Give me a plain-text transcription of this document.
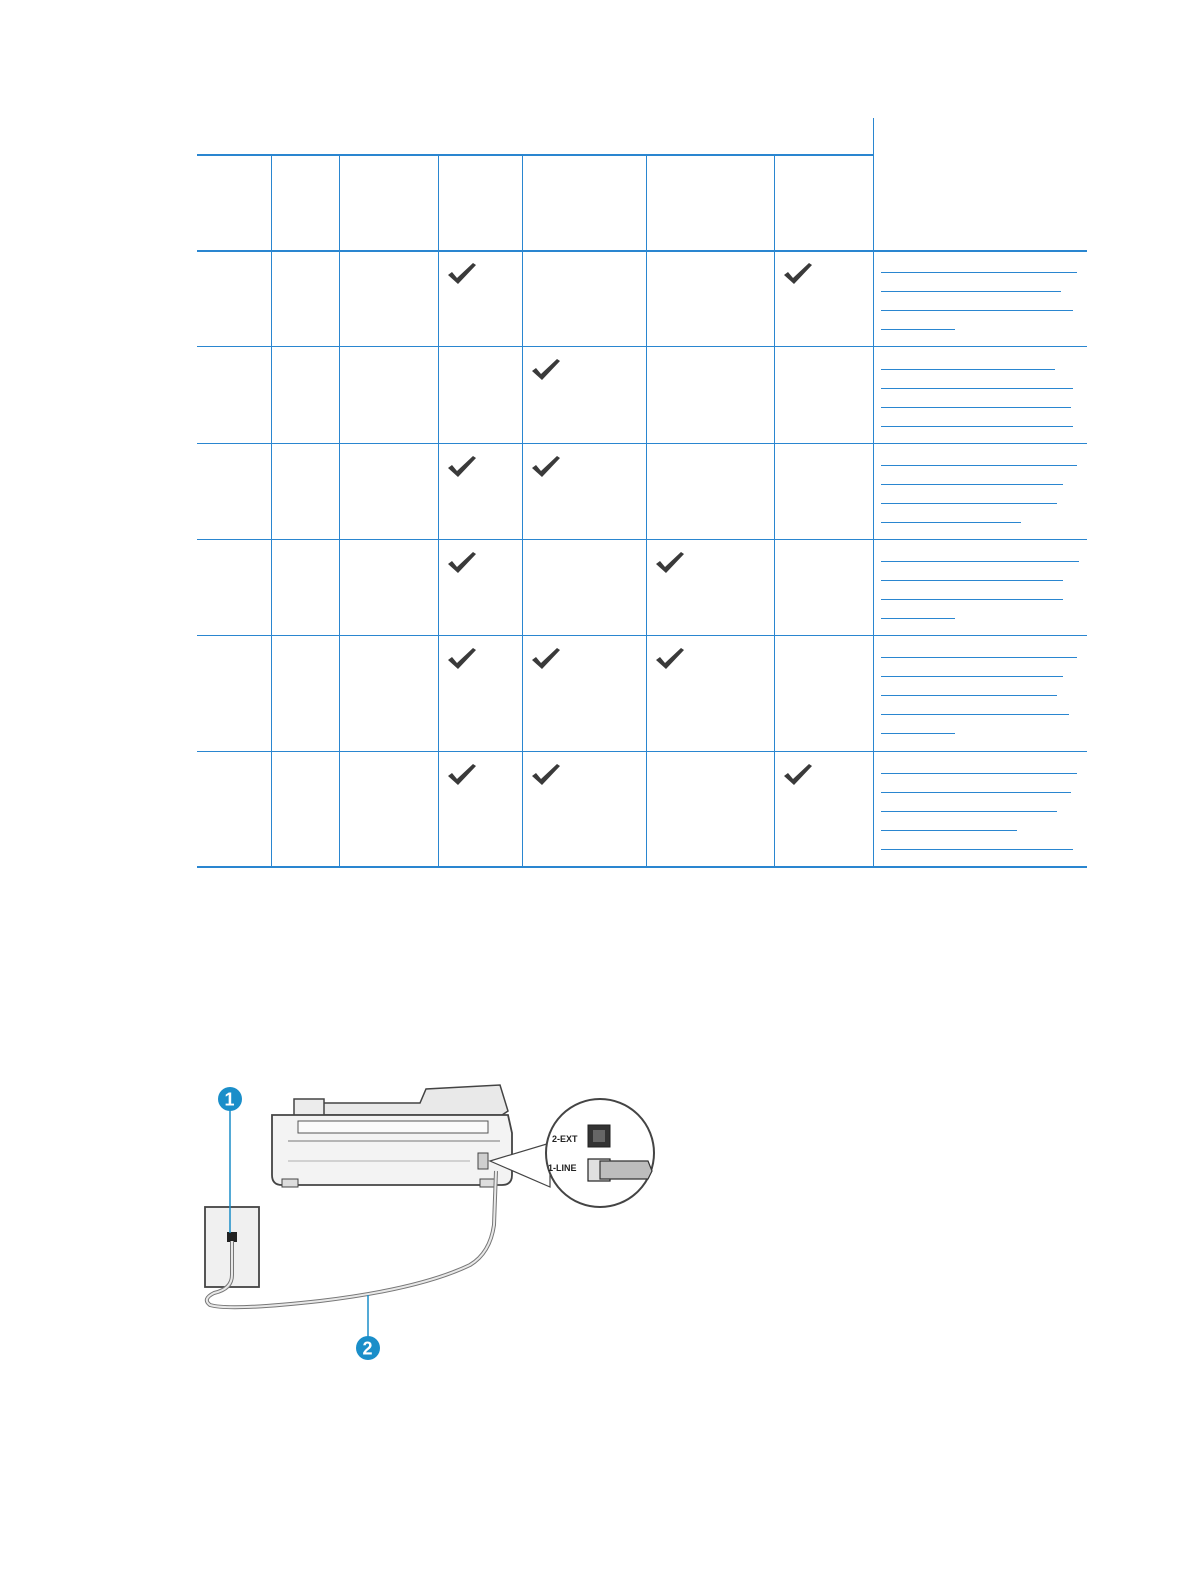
2-EXT
1-LINE
1
2
